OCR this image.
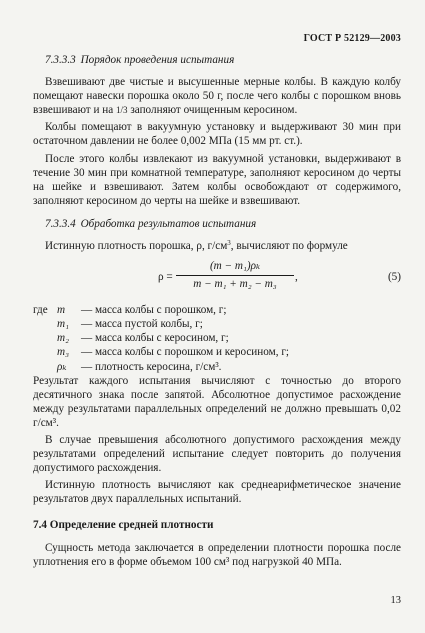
ГОСТ Р 52129—2003
7.3.3.3 Порядок проведения испытания

Взвешивают две чистые и высушенные мерные колбы. В каждую колбу помещают навески порошка около 50 г, после чего колбы с порошком вновь взвешивают и на 1/3 заполняют очищенным керосином.

Колбы помещают в вакуумную установку и выдерживают 30 мин при остаточном давлении не более 0,002 МПа (15 мм рт. ст.).

После этого колбы извлекают из вакуумной установки, выдерживают в течение 30 мин при комнатной температуре, заполняют керосином до черты на шейке и взвешивают. Затем колбы освобождают от содержимого, заполняют керосином до черты на шейке и взвешивают.

7.3.3.4 Обработка результатов испытания

Истинную плотность порошка, ρ, $г/см^3$, вычисляют по формуле

ρ =
(m − m₁)ρₖ
m − m₁ + m₂ − m₃
,	(5)
где m	— масса колбы с порошком, г;
m₁	— масса пустой колбы, г;
m₂	— масса колбы с керосином, г;
m₃	— масса колбы с порошком и керосином, г;
ρₖ	— плотность керосина, г/см³.

Результат каждого испытания вычисляют с точностью до второго десятичного знака после запятой. Абсолютное допустимое расхождение между результатами параллельных определений не должно превышать 0,02 г/см³.

В случае превышения абсолютного допустимого расхождения между результатами определений испытание следует повторить до получения допустимого расхождения.

Истинную плотность вычисляют как среднеарифметическое значение результатов двух параллельных испытаний.

7.4 Определение средней плотности

Сущность метода заключается в определении плотности порошка после уплотнения его в форме объемом 100 см³ под нагрузкой 40 МПа.

13
